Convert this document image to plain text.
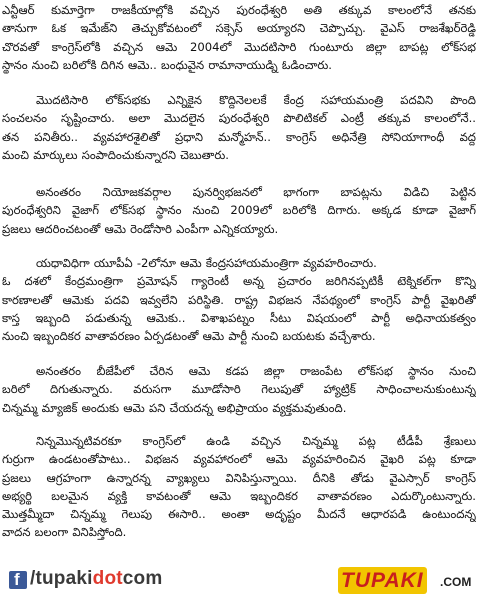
ఎన్టీఆర్ కుమార్తెగా రాజకీయాల్లోకి వచ్చిన పురంధేశ్వరి అతి తక్కువ కాలంలోనే తనకు
తానుగా ఓక ఇమేజ్‌ని తెచ్చుకోవటంలో సక్సెస్ అయ్యారని చెప్పొచ్చు. వైఎస్ రాజశేఖర్‌రెడ్డి
చొరవతో కాంగ్రెస్‌లోకి వచ్చిన ఆమె 2004లో మొదటిసారి గుంటూరు జిల్లా బాపట్ల లోక్‌సభ
స్థానం నుంచి బరిలోకి దిగిన ఆమె.. బంధువైన రామానాయుడ్ని ఓడించారు.

మొదటిసారి లోక్‌సభకు ఎన్నికైన కొద్దినెలలకే కేంద్ర సహాయమంత్రి పదవిని పొంది
సంచలనం సృష్టించారు. అలా మొదలైన పురంధేశ్వరి పొలిటికల్ ఎంట్రీ తక్కువ కాలంలోనే..
తన పనితీరు.. వ్యవహారశైలితో ప్రధాని మన్మోహన్.. కాంగ్రెస్ అధినేత్రి సోనియాగాంధీ వద్ద
మంచి మార్కులు సంపాదించుకున్నారని చెబుతారు.

అనంతరం నియోజకవర్గాల పునర్విభజనలో భాగంగా బాపట్లను విడిచి పెట్టిన
పురంధేశ్వరిని వైజాగ్ లోక్‌సభ స్థానం నుంచి 2009లో బరిలోకి దిగారు. అక్కడ కూడా వైజాగ్
ప్రజలు ఆదరించటంతో ఆమె రెండోసారి ఎంపీగా ఎన్నికయ్యారు.

యధావిధిగా యూపీఏ -2లోనూ ఆమె కేంద్రసహాయమంత్రిగా వ్యవహరించారు.
ఓ దశలో కేంద్రమంత్రిగా ప్రమోషన్ గ్యారెంటీ అన్న ప్రచారం జరిగినప్పటికీ టెక్నికల్‌గా కొన్ని
కారణాలతో ఆమెకు పదవి ఇవ్వలేని పరిస్థితి. రాష్ట్ర విభజన నేపథ్యంలో కాంగ్రెస్ పార్టీ వైఖరితో
కాస్త ఇబ్బంది పడుతున్న ఆమెకు.. విశాఖపట్నం సీటు విషయంలో పార్టీ అధినాయకత్వం
నుంచి ఇబ్బందికర వాతావరణం ఏర్పడటంతో ఆమె పార్టీ నుంచి బయటకు వచ్చేశారు.

అనంతరం బీజేపీలో చేరిన ఆమె కడప జిల్లా రాజంపేట లోక్‌సభ స్థానం నుంచి
బరిలో దిగుతున్నారు. వరుసగా మూడోసారి గెలుపుతో హ్యాట్రిక్ సాధించాలనుకుంటున్న
చిన్నమ్మ మ్యాజిక్ అందుకు ఆమె పని చేయదన్న అభిప్రాయం వ్యక్తమవుతుంది.

నిన్నమొన్నటివరకూ కాంగ్రెస్‌లో ఉండి వచ్చిన చిన్నమ్మ పట్ల టీడీపీ శ్రేణులు
గుర్రుగా ఉండటంతోపాటు.. విభజన వ్యవహారంలో ఆమె వ్యవహరించిన వైఖరి పట్ల కూడా
ప్రజలు ఆగ్రహంగా ఉన్నారన్న వ్యాఖ్యలు వినిపిస్తున్నాయి. దీనికి తోడు వైఎస్సార్ కాంగ్రెస్
అభ్యర్థి బలమైన వ్యక్తి కావటంతో ఆమె ఇబ్బందికర వాతావరణం ఎదుర్కొంటున్నారు.
మొత్తమ్మీదా చిన్నమ్మ గెలుపు ఈసారి.. అంతా అదృష్టం మీదనే ఆధారపడి ఉంటుందన్న
వాదన బలంగా వినిపిస్తోంది.

f /tupakidotcom	TUPAKI .COM
